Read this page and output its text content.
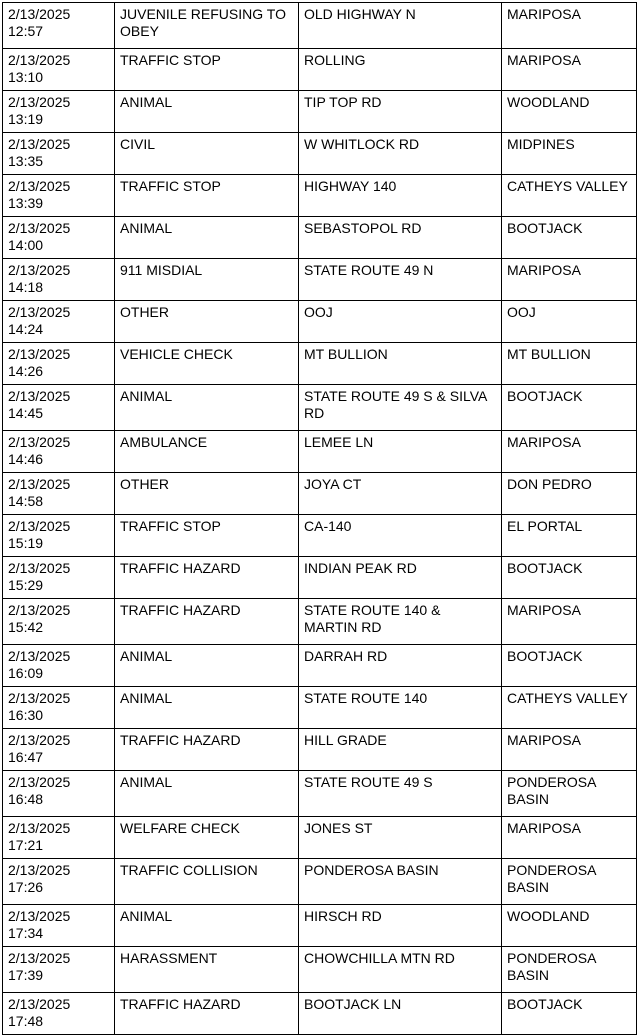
2/13/2025 12:57	JUVENILE REFUSING TO OBEY	OLD HIGHWAY N	MARIPOSA
2/13/2025 13:10	TRAFFIC STOP	ROLLING	MARIPOSA
2/13/2025 13:19	ANIMAL	TIP TOP RD	WOODLAND
2/13/2025 13:35	CIVIL	W WHITLOCK RD	MIDPINES
2/13/2025 13:39	TRAFFIC STOP	HIGHWAY 140	CATHEYS VALLEY
2/13/2025 14:00	ANIMAL	SEBASTOPOL RD	BOOTJACK
2/13/2025 14:18	911 MISDIAL	STATE ROUTE 49 N	MARIPOSA
2/13/2025 14:24	OTHER	OOJ	OOJ
2/13/2025 14:26	VEHICLE CHECK	MT BULLION	MT BULLION
2/13/2025 14:45	ANIMAL	STATE ROUTE 49 S & SILVA RD	BOOTJACK
2/13/2025 14:46	AMBULANCE	LEMEE LN	MARIPOSA
2/13/2025 14:58	OTHER	JOYA CT	DON PEDRO
2/13/2025 15:19	TRAFFIC STOP	CA-140	EL PORTAL
2/13/2025 15:29	TRAFFIC HAZARD	INDIAN PEAK RD	BOOTJACK
2/13/2025 15:42	TRAFFIC HAZARD	STATE ROUTE 140 & MARTIN RD	MARIPOSA
2/13/2025 16:09	ANIMAL	DARRAH RD	BOOTJACK
2/13/2025 16:30	ANIMAL	STATE ROUTE 140	CATHEYS VALLEY
2/13/2025 16:47	TRAFFIC HAZARD	HILL GRADE	MARIPOSA
2/13/2025 16:48	ANIMAL	STATE ROUTE 49 S	PONDEROSA BASIN
2/13/2025 17:21	WELFARE CHECK	JONES ST	MARIPOSA
2/13/2025 17:26	TRAFFIC COLLISION	PONDEROSA BASIN	PONDEROSA BASIN
2/13/2025 17:34	ANIMAL	HIRSCH RD	WOODLAND
2/13/2025 17:39	HARASSMENT	CHOWCHILLA MTN RD	PONDEROSA BASIN
2/13/2025 17:48	TRAFFIC HAZARD	BOOTJACK LN	BOOTJACK
